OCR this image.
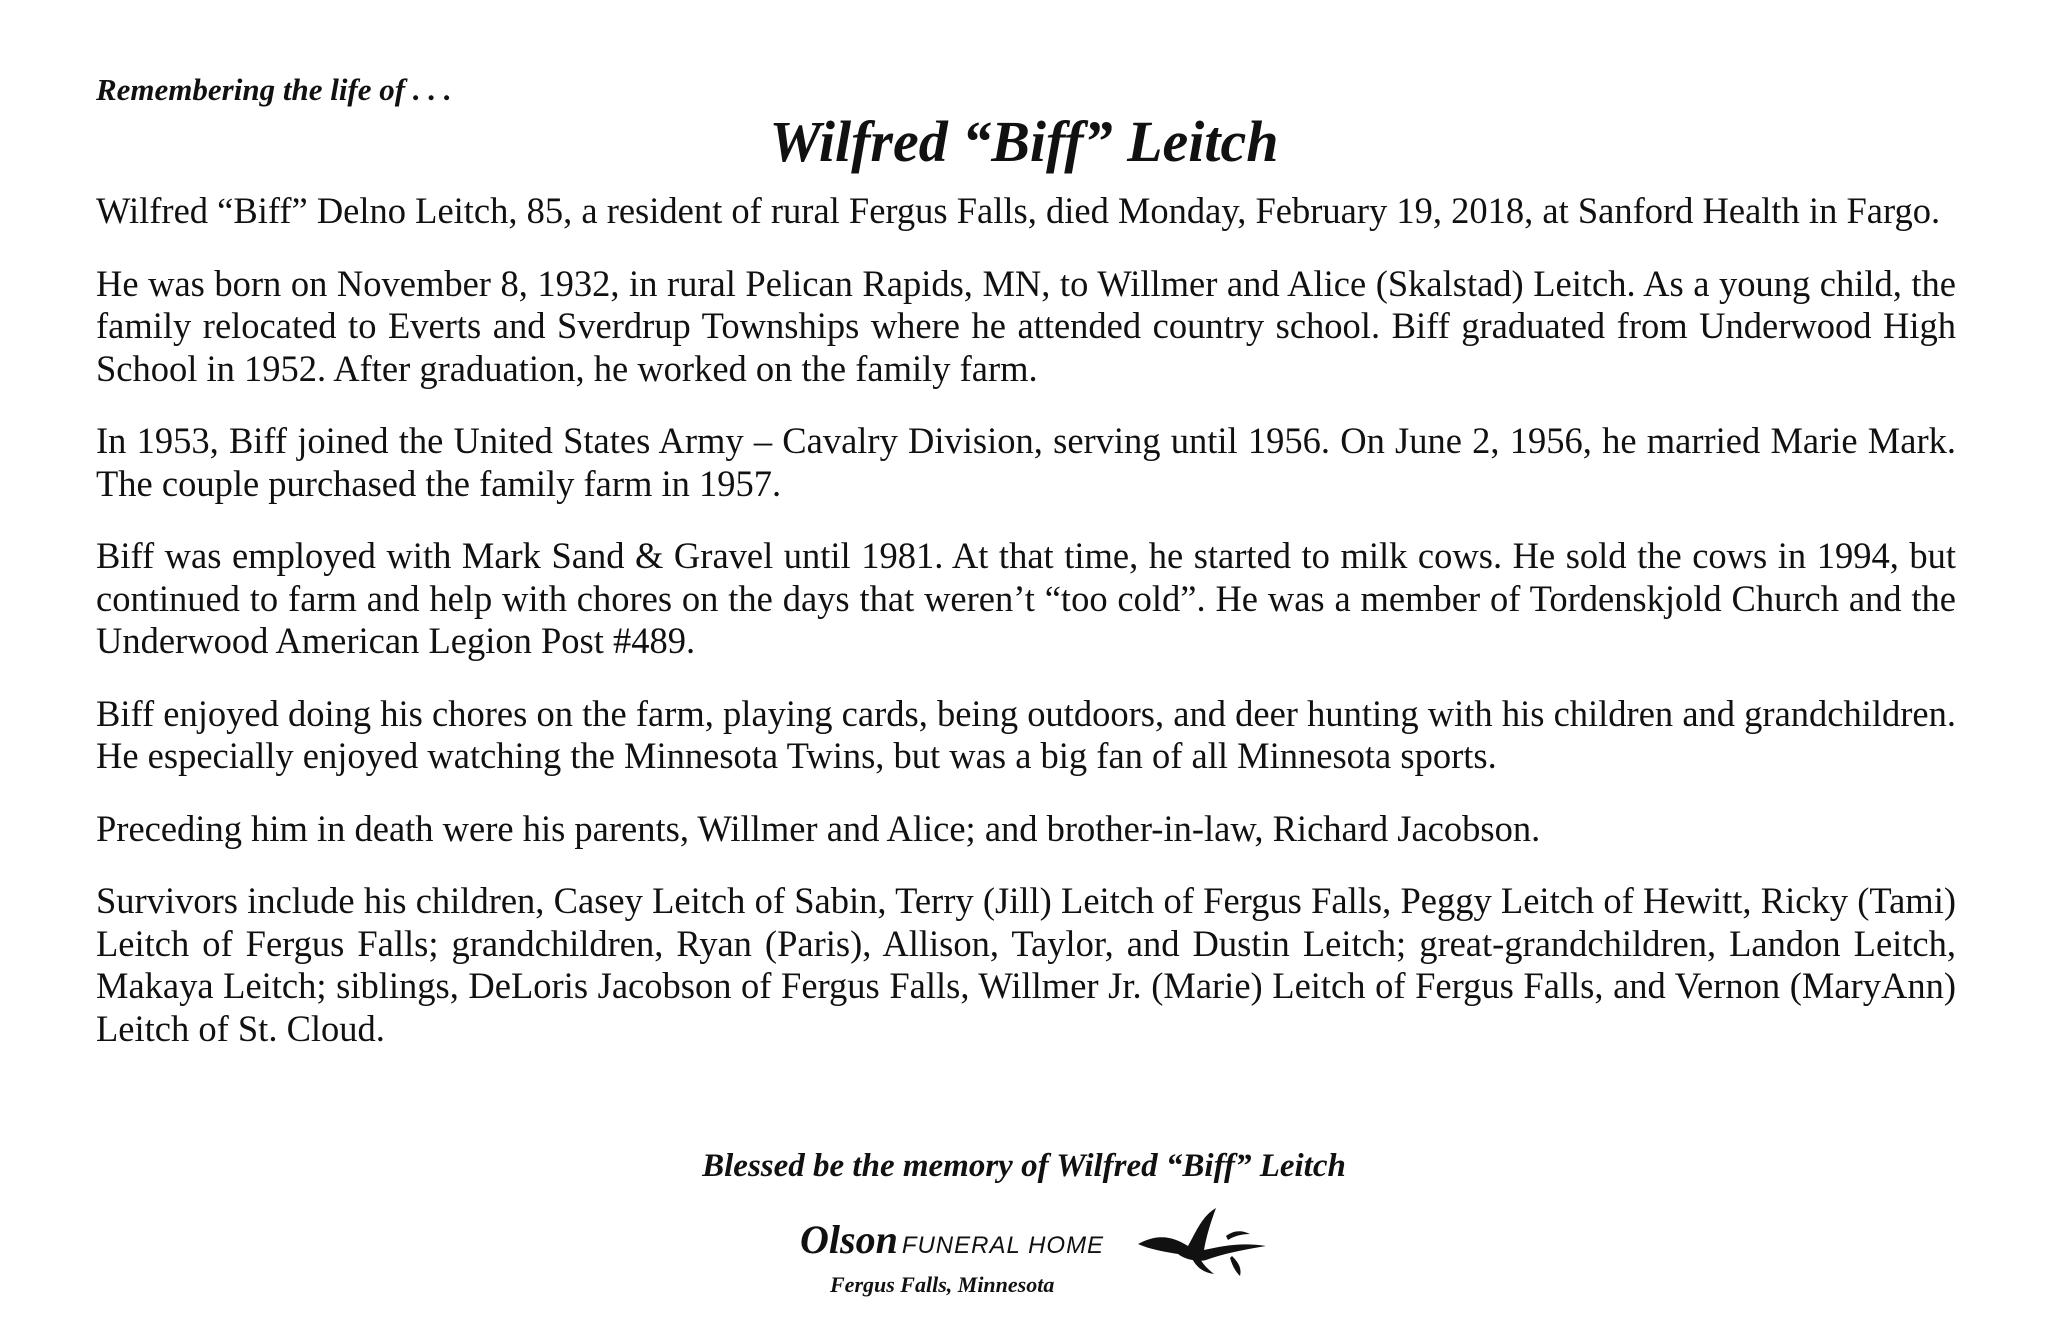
Remembering the life of . . .

Wilfred “Biff” Leitch

Wilfred “Biff” Delno Leitch, 85, a resident of rural Fergus Falls, died Monday, February 19, 2018, at Sanford Health in Fargo.

He was born on November 8, 1932, in rural Pelican Rapids, MN, to Willmer and Alice (Skalstad) Leitch. As a young child, the family relocated to Everts and Sverdrup Townships where he attended country school. Biff graduated from Underwood High School in 1952. After graduation, he worked on the family farm.

In 1953, Biff joined the United States Army – Cavalry Division, serving until 1956. On June 2, 1956, he married Marie Mark. The couple purchased the family farm in 1957.

Biff was employed with Mark Sand & Gravel until 1981. At that time, he started to milk cows. He sold the cows in 1994, but continued to farm and help with chores on the days that weren’t “too cold”. He was a member of Tordenskjold Church and the Underwood American Legion Post #489.

Biff enjoyed doing his chores on the farm, playing cards, being outdoors, and deer hunting with his children and grandchildren. He especially enjoyed watching the Minnesota Twins, but was a big fan of all Minnesota sports.

Preceding him in death were his parents, Willmer and Alice; and brother-in-law, Richard Jacobson.

Survivors include his children, Casey Leitch of Sabin, Terry (Jill) Leitch of Fergus Falls, Peggy Leitch of Hewitt, Ricky (Tami) Leitch of Fergus Falls; grandchildren, Ryan (Paris), Allison, Taylor, and Dustin Leitch; great-grandchildren, Landon Leitch, Makaya Leitch; siblings, DeLoris Jacobson of Fergus Falls, Willmer Jr. (Marie) Leitch of Fergus Falls, and Vernon (MaryAnn) Leitch of St. Cloud.

Blessed be the memory of Wilfred “Biff” Leitch

Olson FUNERAL HOME
Fergus Falls, Minnesota
